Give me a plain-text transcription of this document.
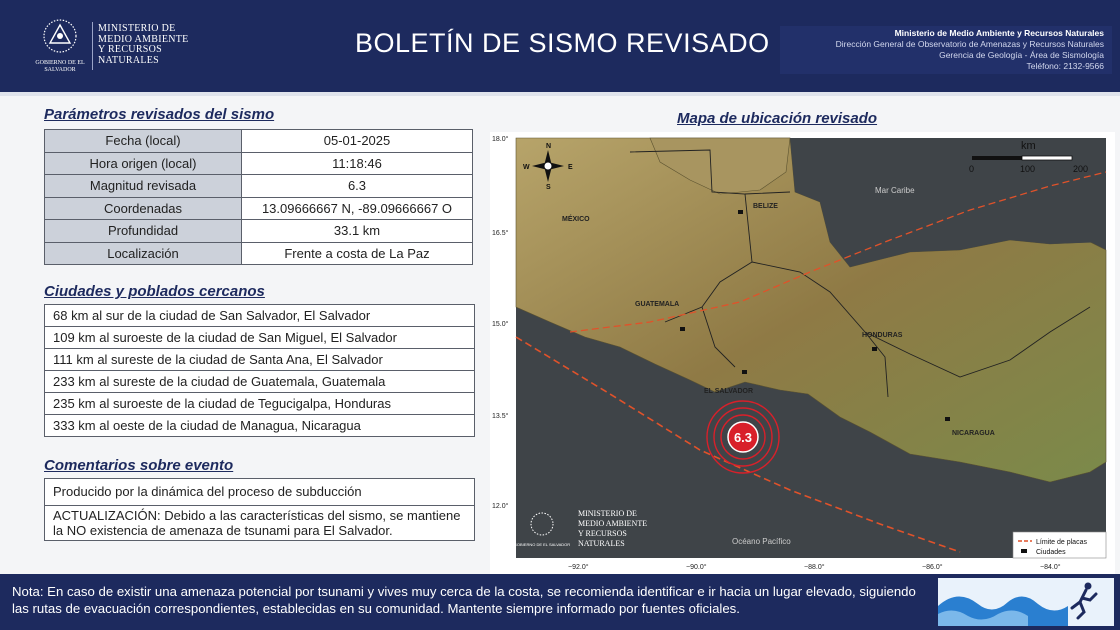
GOBIERNO DE EL SALVADOR
MINISTERIO DE
MEDIO AMBIENTE
Y RECURSOS
NATURALES
BOLETÍN DE SISMO REVISADO	Ministerio de Medio Ambiente y Recursos Naturales
Dirección General de Observatorio de Amenazas y Recursos Naturales
Gerencia de Geología - Área de Sismología
Teléfono: 2132-9566
Parámetros revisados del sismo
Fecha (local)	05-01-2025
Hora origen (local)	11:18:46
Magnitud revisada	6.3
Coordenadas	13.09666667 N, -89.09666667 O
Profundidad	33.1 km
Localización	Frente a costa de La Paz
Ciudades y poblados cercanos
68 km al sur de la ciudad de San Salvador, El Salvador
109 km al suroeste de la ciudad de San Miguel, El Salvador
111 km al sureste de la ciudad de Santa Ana, El Salvador
233 km al sureste de la ciudad de Guatemala, Guatemala
235 km al suroeste de la ciudad de Tegucigalpa, Honduras
333 km al oeste de la ciudad de Managua, Nicaragua
Comentarios sobre evento
Producido por la dinámica del proceso de subducción
ACTUALIZACIÓN: Debido a las características del sismo, se mantiene la NO existencia de amenaza de tsunami para El Salvador.
Mapa de ubicación revisado
6.3
MÉXICO
BELIZE
GUATEMALA
HONDURAS
EL SALVADOR
NICARAGUA
Mar Caribe
Océano Pacífico
N
S
E
W
km
0	100	200
GOBIERNO DE EL SALVADOR
MINISTERIO DE
MEDIO AMBIENTE
Y RECURSOS
NATURALES	Límite de placas
Ciudades
18.0°
16.5°
15.0°
13.5°
12.0°
−92.0°	−90.0°	−88.0°	−86.0°	−84.0°
Nota: En caso de existir una amenaza potencial por tsunami y vives muy cerca de la costa, se recomienda identificar e ir hacia un lugar elevado, siguiendo las rutas de evacuación correspondientes, establecidas en su comunidad. Mantente siempre informado por fuentes oficiales.
